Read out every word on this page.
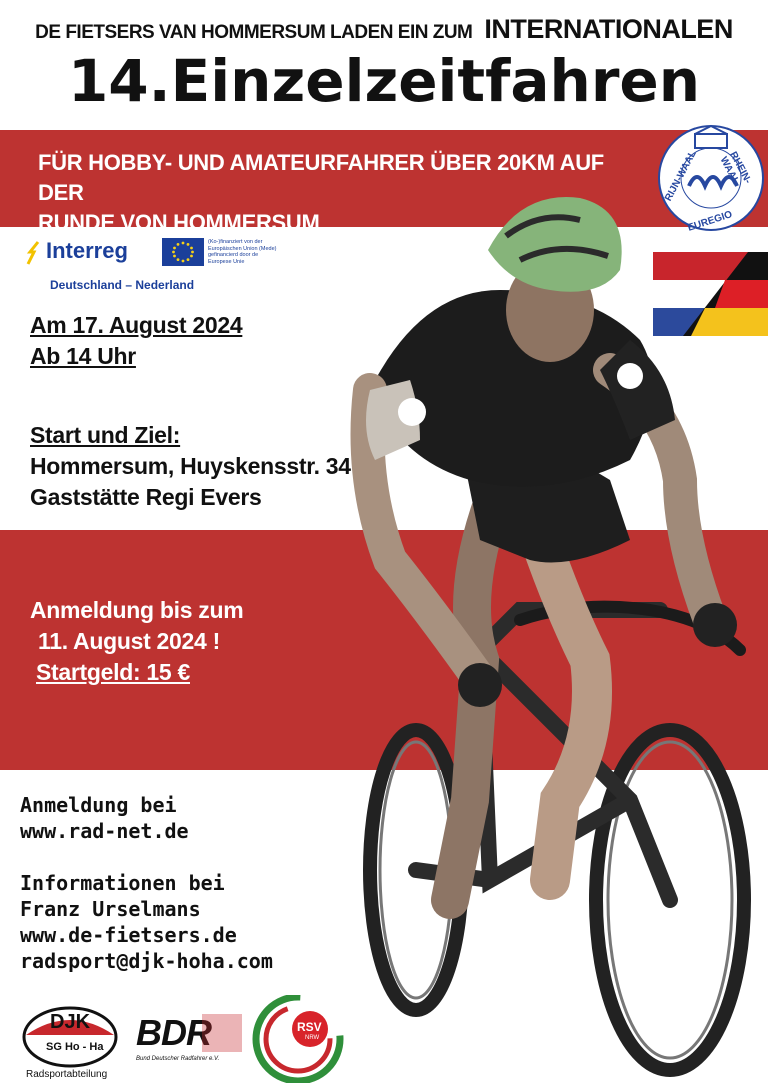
DE FIETSERS VAN HOMMERSUM LADEN EIN ZUM INTERNATIONALEN
14.Einzelzeitfahren
FÜR HOBBY- UND AMATEURFAHRER ÜBER 20KM AUF DER
RUNDE VON HOMMERSUM
RHEIN-WAAL
RIJN-WAAL
EUREGIO
Interreg	(Ko-)finanziert von der Europäischen Union (Mede) gefinancierd door de Europese Unie
Deutschland – Nederland
Am 17. August 2024
Ab 14 Uhr
Start und Ziel:
Hommersum, Huyskensstr. 34
Gaststätte Regi Evers
Anmeldung bis zum
11. August 2024 !
Startgeld: 15 €
Anmeldung bei
www.rad-net.de
Informationen bei
Franz Urselmans
www.de-fietsers.de
radsport@djk-hoha.com
DJK
SG Ho - Ha
Radsportabteilung
BDR
Bund Deutscher Radfahrer e.V.
RSV
NRW
